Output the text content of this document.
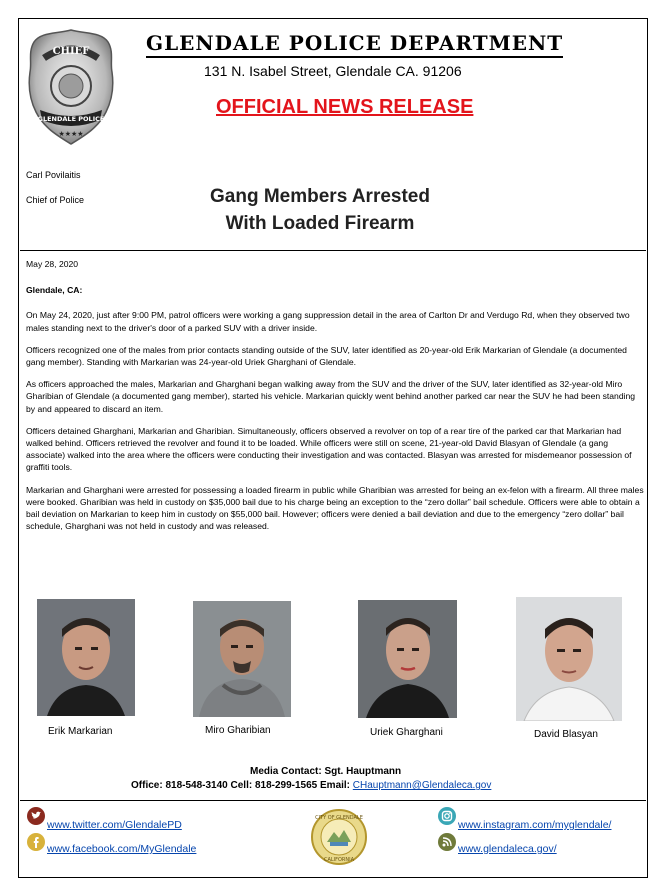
CHIEF
GLENDALE POLICE
★★★★
GLENDALE POLICE DEPARTMENT
131 N. Isabel Street, Glendale CA. 91206
OFFICIAL NEWS RELEASE
Carl Povilaitis
Chief of Police	Gang Members Arrested
With Loaded Firearm

May 28, 2020

Glendale, CA:

On May 24, 2020, just after 9:00 PM, patrol officers were working a gang suppression detail in the area of Carlton Dr and Verdugo Rd, when they observed two males standing next to the driver's door of a parked SUV with a driver inside.

Officers recognized one of the males from prior contacts standing outside of the SUV, later identified as 20-year-old Erik Markarian of Glendale (a documented gang member). Standing with Markarian was 24-year-old Uriek Gharghani of Glendale.

As officers approached the males, Markarian and Gharghani began walking away from the SUV and the driver of the SUV, later identified as 32-year-old Miro Gharibian of Glendale (a documented gang member), started his vehicle. Markarian quickly went behind another parked car near the SUV he had been standing by and appeared to discard an item.

Officers detained Gharghani, Markarian and Gharibian. Simultaneously, officers observed a revolver on top of a rear tire of the parked car that Markarian had walked behind. Officers retrieved the revolver and found it to be loaded. While officers were still on scene, 21-year-old David Blasyan of Glendale (a gang associate) walked into the area where the officers were conducting their investigation and was contacted. Blasyan was arrested for misdemeanor possession of graffiti tools.

Markarian and Gharghani were arrested for possessing a loaded firearm in public while Gharibian was arrested for being an ex-felon with a firearm. All three males were booked. Gharibian was held in custody on $35,000 bail due to his charge being an exception to the “zero dollar” bail schedule. Officers were able to obtain a bail deviation on Markarian to keep him in custody on $55,000 bail. However; officers were denied a bail deviation and due to the emergency “zero dollar” bail schedule, Gharghani was not held in custody and was released.

Erik Markarian	Miro Gharibian	Uriek Gharghani	David Blasyan
Media Contact: Sgt. Hauptmann
Office: 818-548-3140 Cell: 818-299-1565 Email: CHauptmann@Glendaleca.gov
www.twitter.com/GlendalePD
www.facebook.com/MyGlendale
CITY OF GLENDALE
CALIFORNIA
www.instagram.com/myglendale/
www.glendaleca.gov/
